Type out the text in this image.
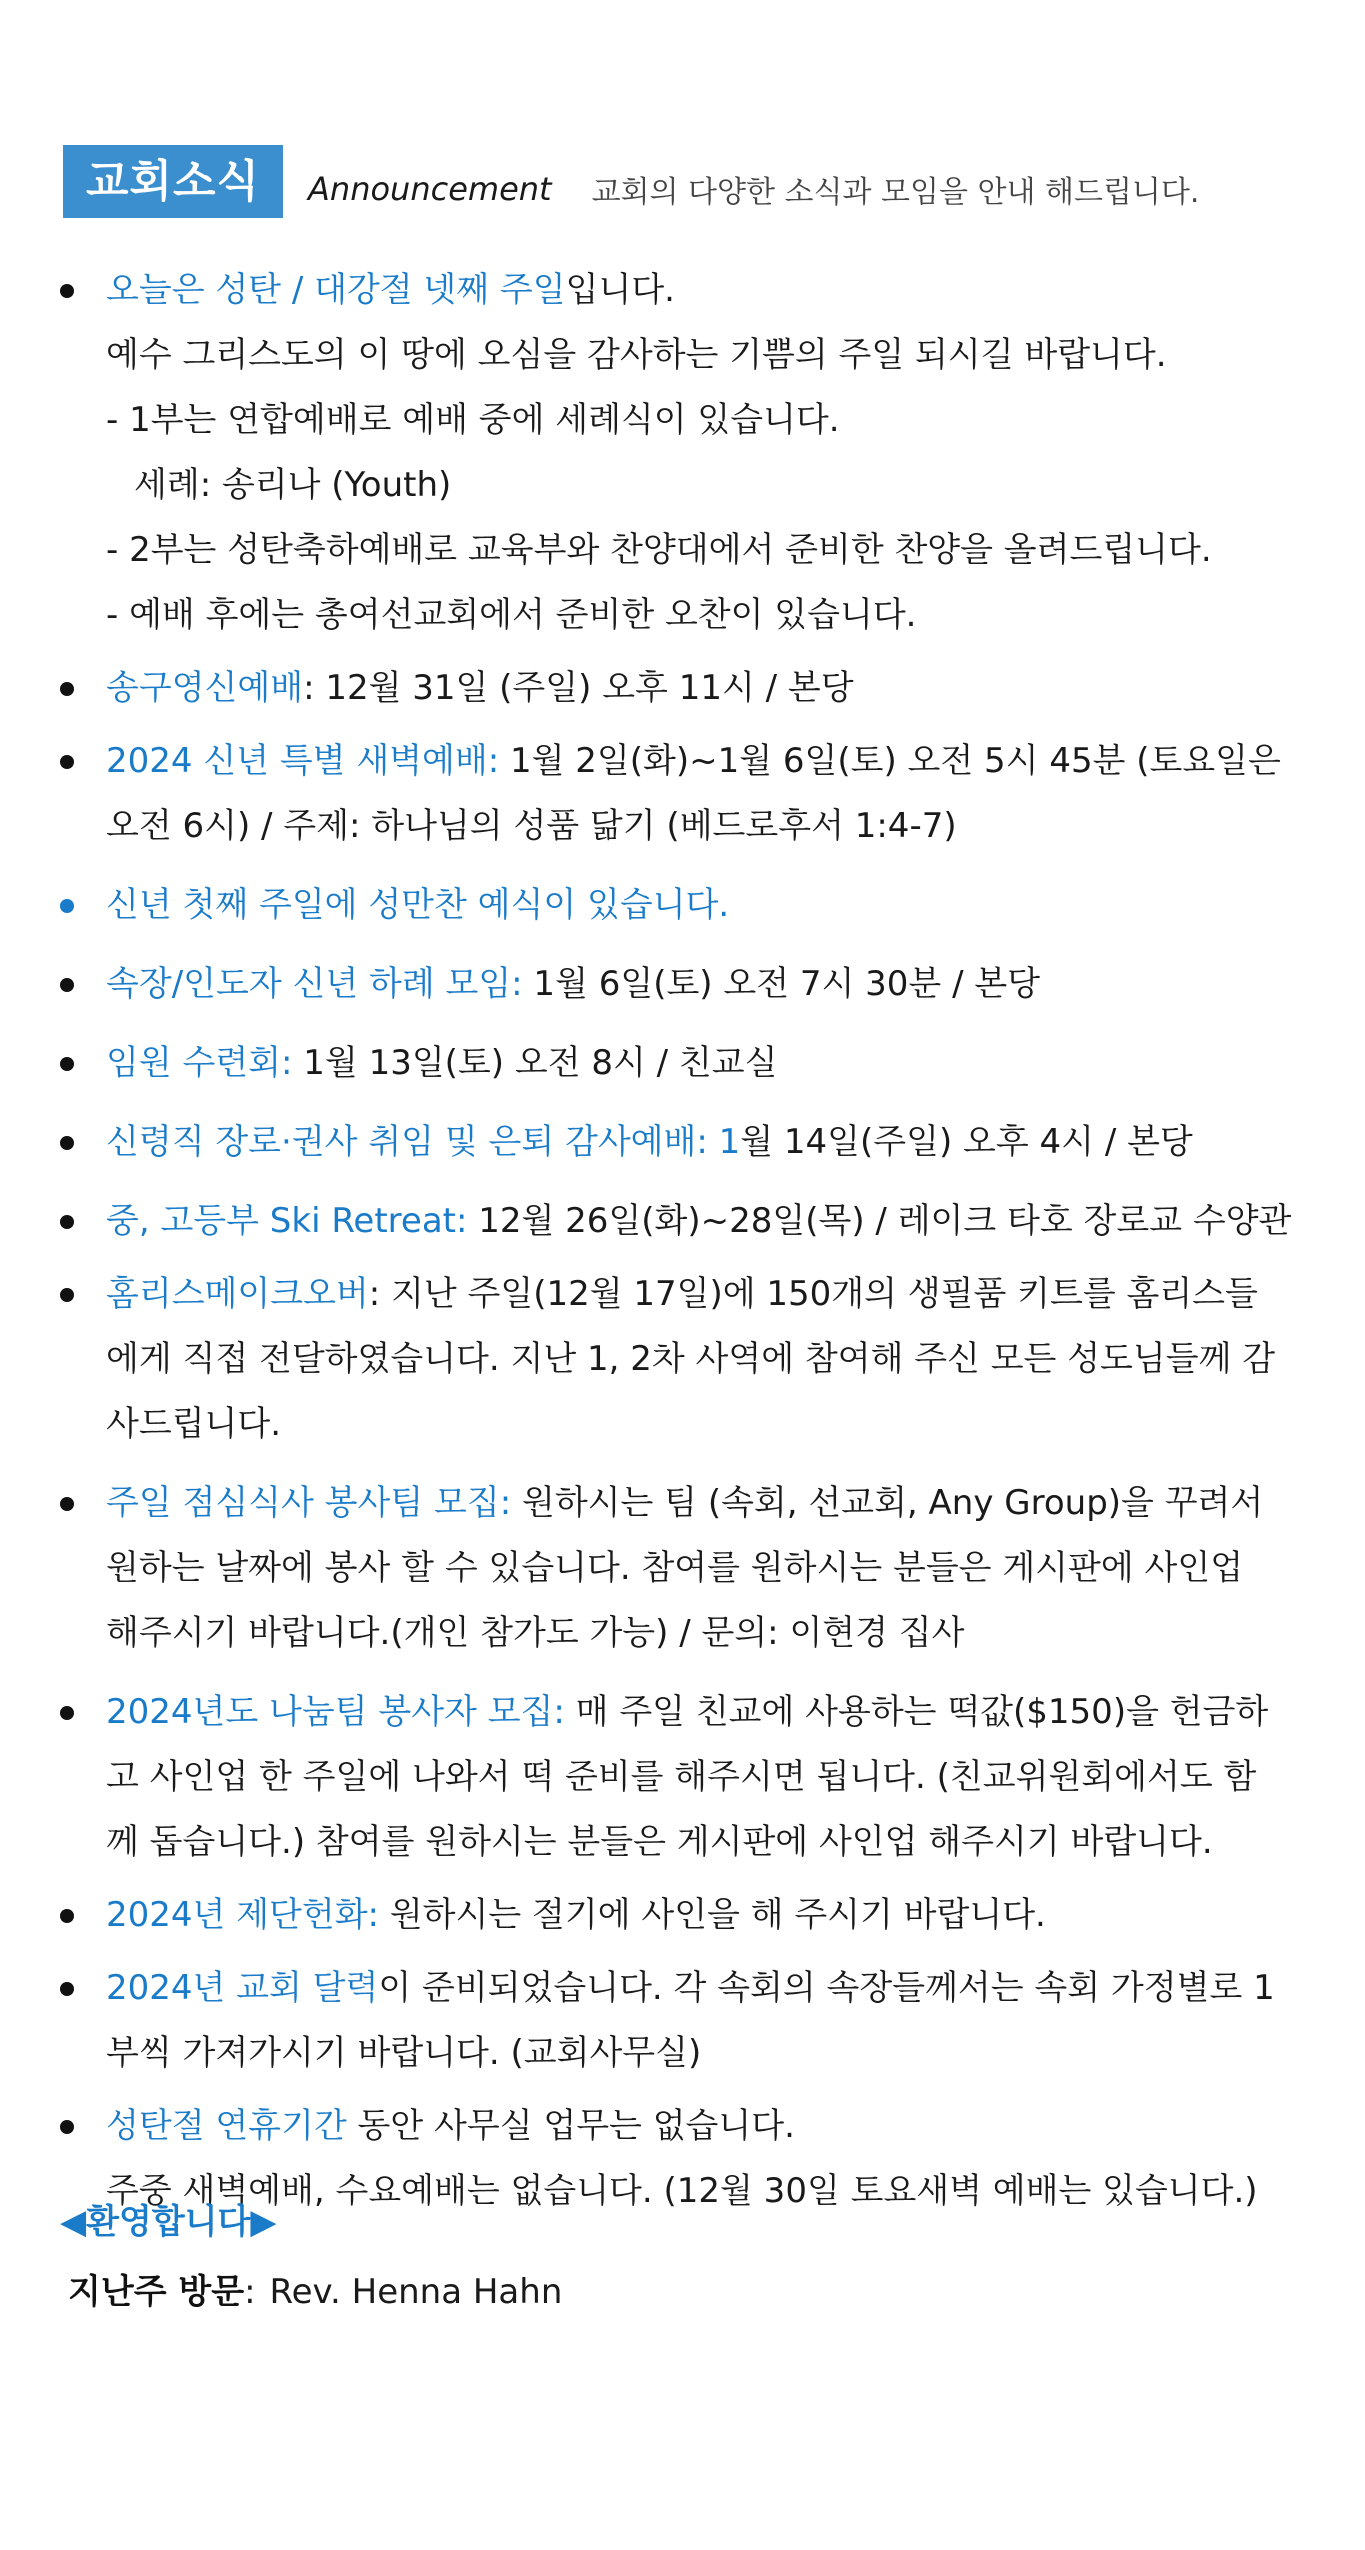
교회소식	Announcement 교회의 다양한 소식과 모임을 안내 해드립니다.
오늘은 성탄 / 대강절 넷째 주일입니다.
예수 그리스도의 이 땅에 오심을 감사하는 기쁨의 주일 되시길 바랍니다.
- 1부는 연합예배로 예배 중에 세례식이 있습니다.
세례: 송리나 (Youth)
- 2부는 성탄축하예배로 교육부와 찬양대에서 준비한 찬양을 올려드립니다.
- 예배 후에는 총여선교회에서 준비한 오찬이 있습니다.
송구영신예배: 12월 31일 (주일) 오후 11시 / 본당
2024 신년 특별 새벽예배: 1월 2일(화)~1월 6일(토) 오전 5시 45분 (토요일은
오전 6시) / 주제: 하나님의 성품 닮기 (베드로후서 1:4-7)
신년 첫째 주일에 성만찬 예식이 있습니다.
속장/인도자 신년 하례 모임: 1월 6일(토) 오전 7시 30분 / 본당
임원 수련회: 1월 13일(토) 오전 8시 / 친교실
신령직 장로·권사 취임 및 은퇴 감사예배: 1월 14일(주일) 오후 4시 / 본당
중, 고등부 Ski Retreat: 12월 26일(화)~28일(목) / 레이크 타호 장로교 수양관
홈리스메이크오버: 지난 주일(12월 17일)에 150개의 생필품 키트를 홈리스들
에게 직접 전달하였습니다. 지난 1, 2차 사역에 참여해 주신 모든 성도님들께 감
사드립니다.
주일 점심식사 봉사팀 모집: 원하시는 팀 (속회, 선교회, Any Group)을 꾸려서
원하는 날짜에 봉사 할 수 있습니다. 참여를 원하시는 분들은 게시판에 사인업
해주시기 바랍니다.(개인 참가도 가능) / 문의: 이현경 집사
2024년도 나눔팀 봉사자 모집: 매 주일 친교에 사용하는 떡값($150)을 헌금하
고 사인업 한 주일에 나와서 떡 준비를 해주시면 됩니다. (친교위원회에서도 함
께 돕습니다.) 참여를 원하시는 분들은 게시판에 사인업 해주시기 바랍니다.
2024년 제단헌화: 원하시는 절기에 사인을 해 주시기 바랍니다.
2024년 교회 달력이 준비되었습니다. 각 속회의 속장들께서는 속회 가정별로 1
부씩 가져가시기 바랍니다. (교회사무실)
성탄절 연휴기간 동안 사무실 업무는 없습니다.
주중 새벽예배, 수요예배는 없습니다. (12월 30일 토요새벽 예배는 있습니다.)
◀환영합니다▶
지난주 방문: Rev. Henna Hahn
